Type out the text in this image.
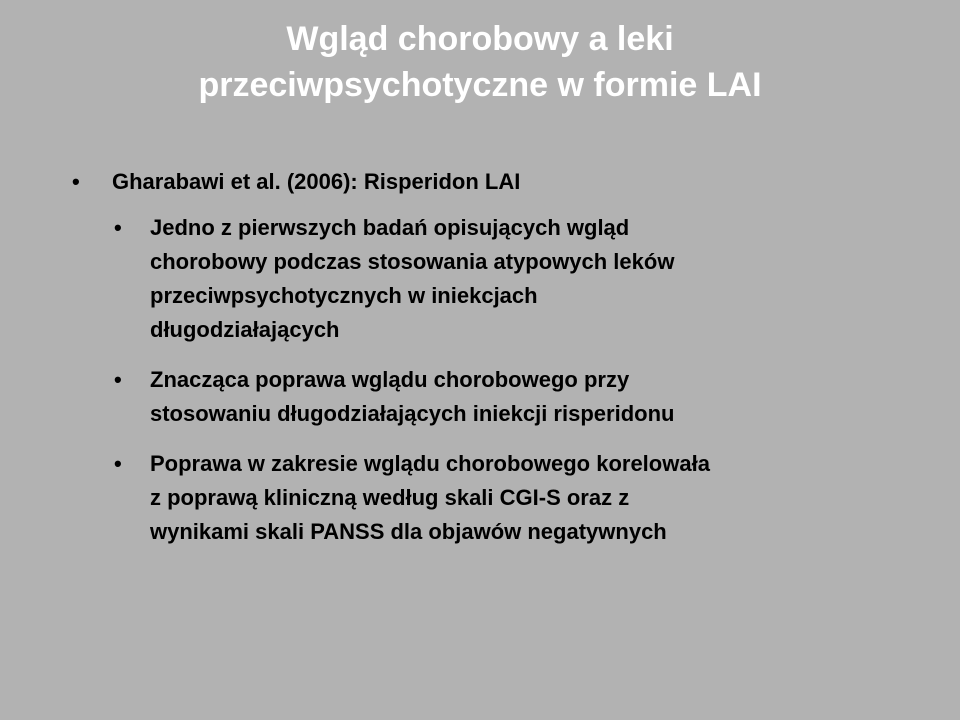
Wgląd chorobowy a leki
przeciwpsychotyczne w formie LAI
• Gharabawi et al. (2006): Risperidon LAI
• Jedno z pierwszych badań opisujących wgląd
chorobowy podczas stosowania atypowych leków
przeciwpsychotycznych w iniekcjach
długodziałających
• Znacząca poprawa wglądu chorobowego przy
stosowaniu długodziałających iniekcji risperidonu
• Poprawa w zakresie wglądu chorobowego korelowała
z poprawą kliniczną według skali CGI-S oraz z
wynikami skali PANSS dla objawów negatywnych
